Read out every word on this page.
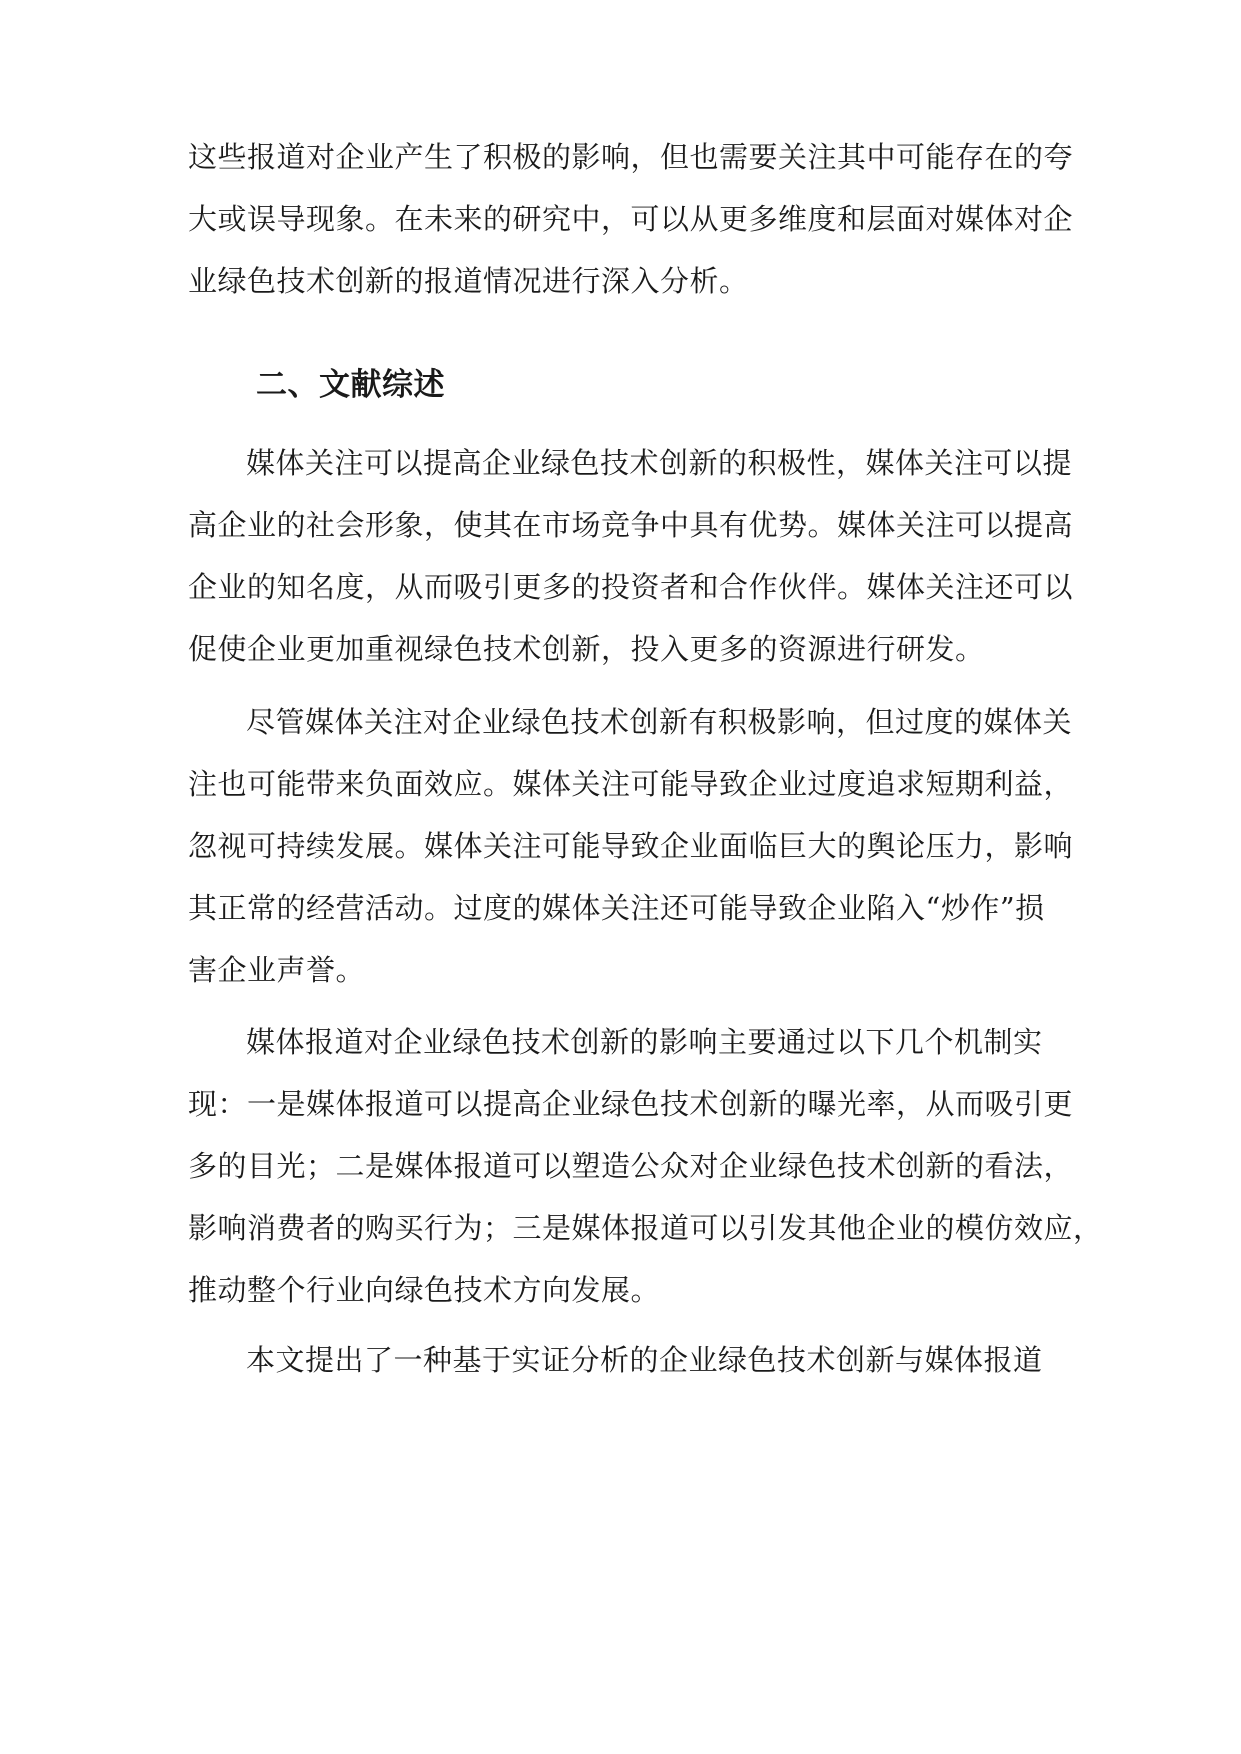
这些报道对企业产生了积极的影响，但也需要关注其中可能存在的夸
大或误导现象。在未来的研究中，可以从更多维度和层面对媒体对企
业绿色技术创新的报道情况进行深入分析。
二、文献综述
媒体关注可以提高企业绿色技术创新的积极性，媒体关注可以提
高企业的社会形象，使其在市场竞争中具有优势。媒体关注可以提高
企业的知名度，从而吸引更多的投资者和合作伙伴。媒体关注还可以
促使企业更加重视绿色技术创新，投入更多的资源进行研发。
尽管媒体关注对企业绿色技术创新有积极影响，但过度的媒体关
注也可能带来负面效应。媒体关注可能导致企业过度追求短期利益，
忽视可持续发展。媒体关注可能导致企业面临巨大的舆论压力，影响
其正常的经营活动。过度的媒体关注还可能导致企业陷入“炒作”损
害企业声誉。
媒体报道对企业绿色技术创新的影响主要通过以下几个机制实
现：一是媒体报道可以提高企业绿色技术创新的曝光率，从而吸引更
多的目光；二是媒体报道可以塑造公众对企业绿色技术创新的看法，
影响消费者的购买行为；三是媒体报道可以引发其他企业的模仿效应，
推动整个行业向绿色技术方向发展。
本文提出了一种基于实证分析的企业绿色技术创新与媒体报道
